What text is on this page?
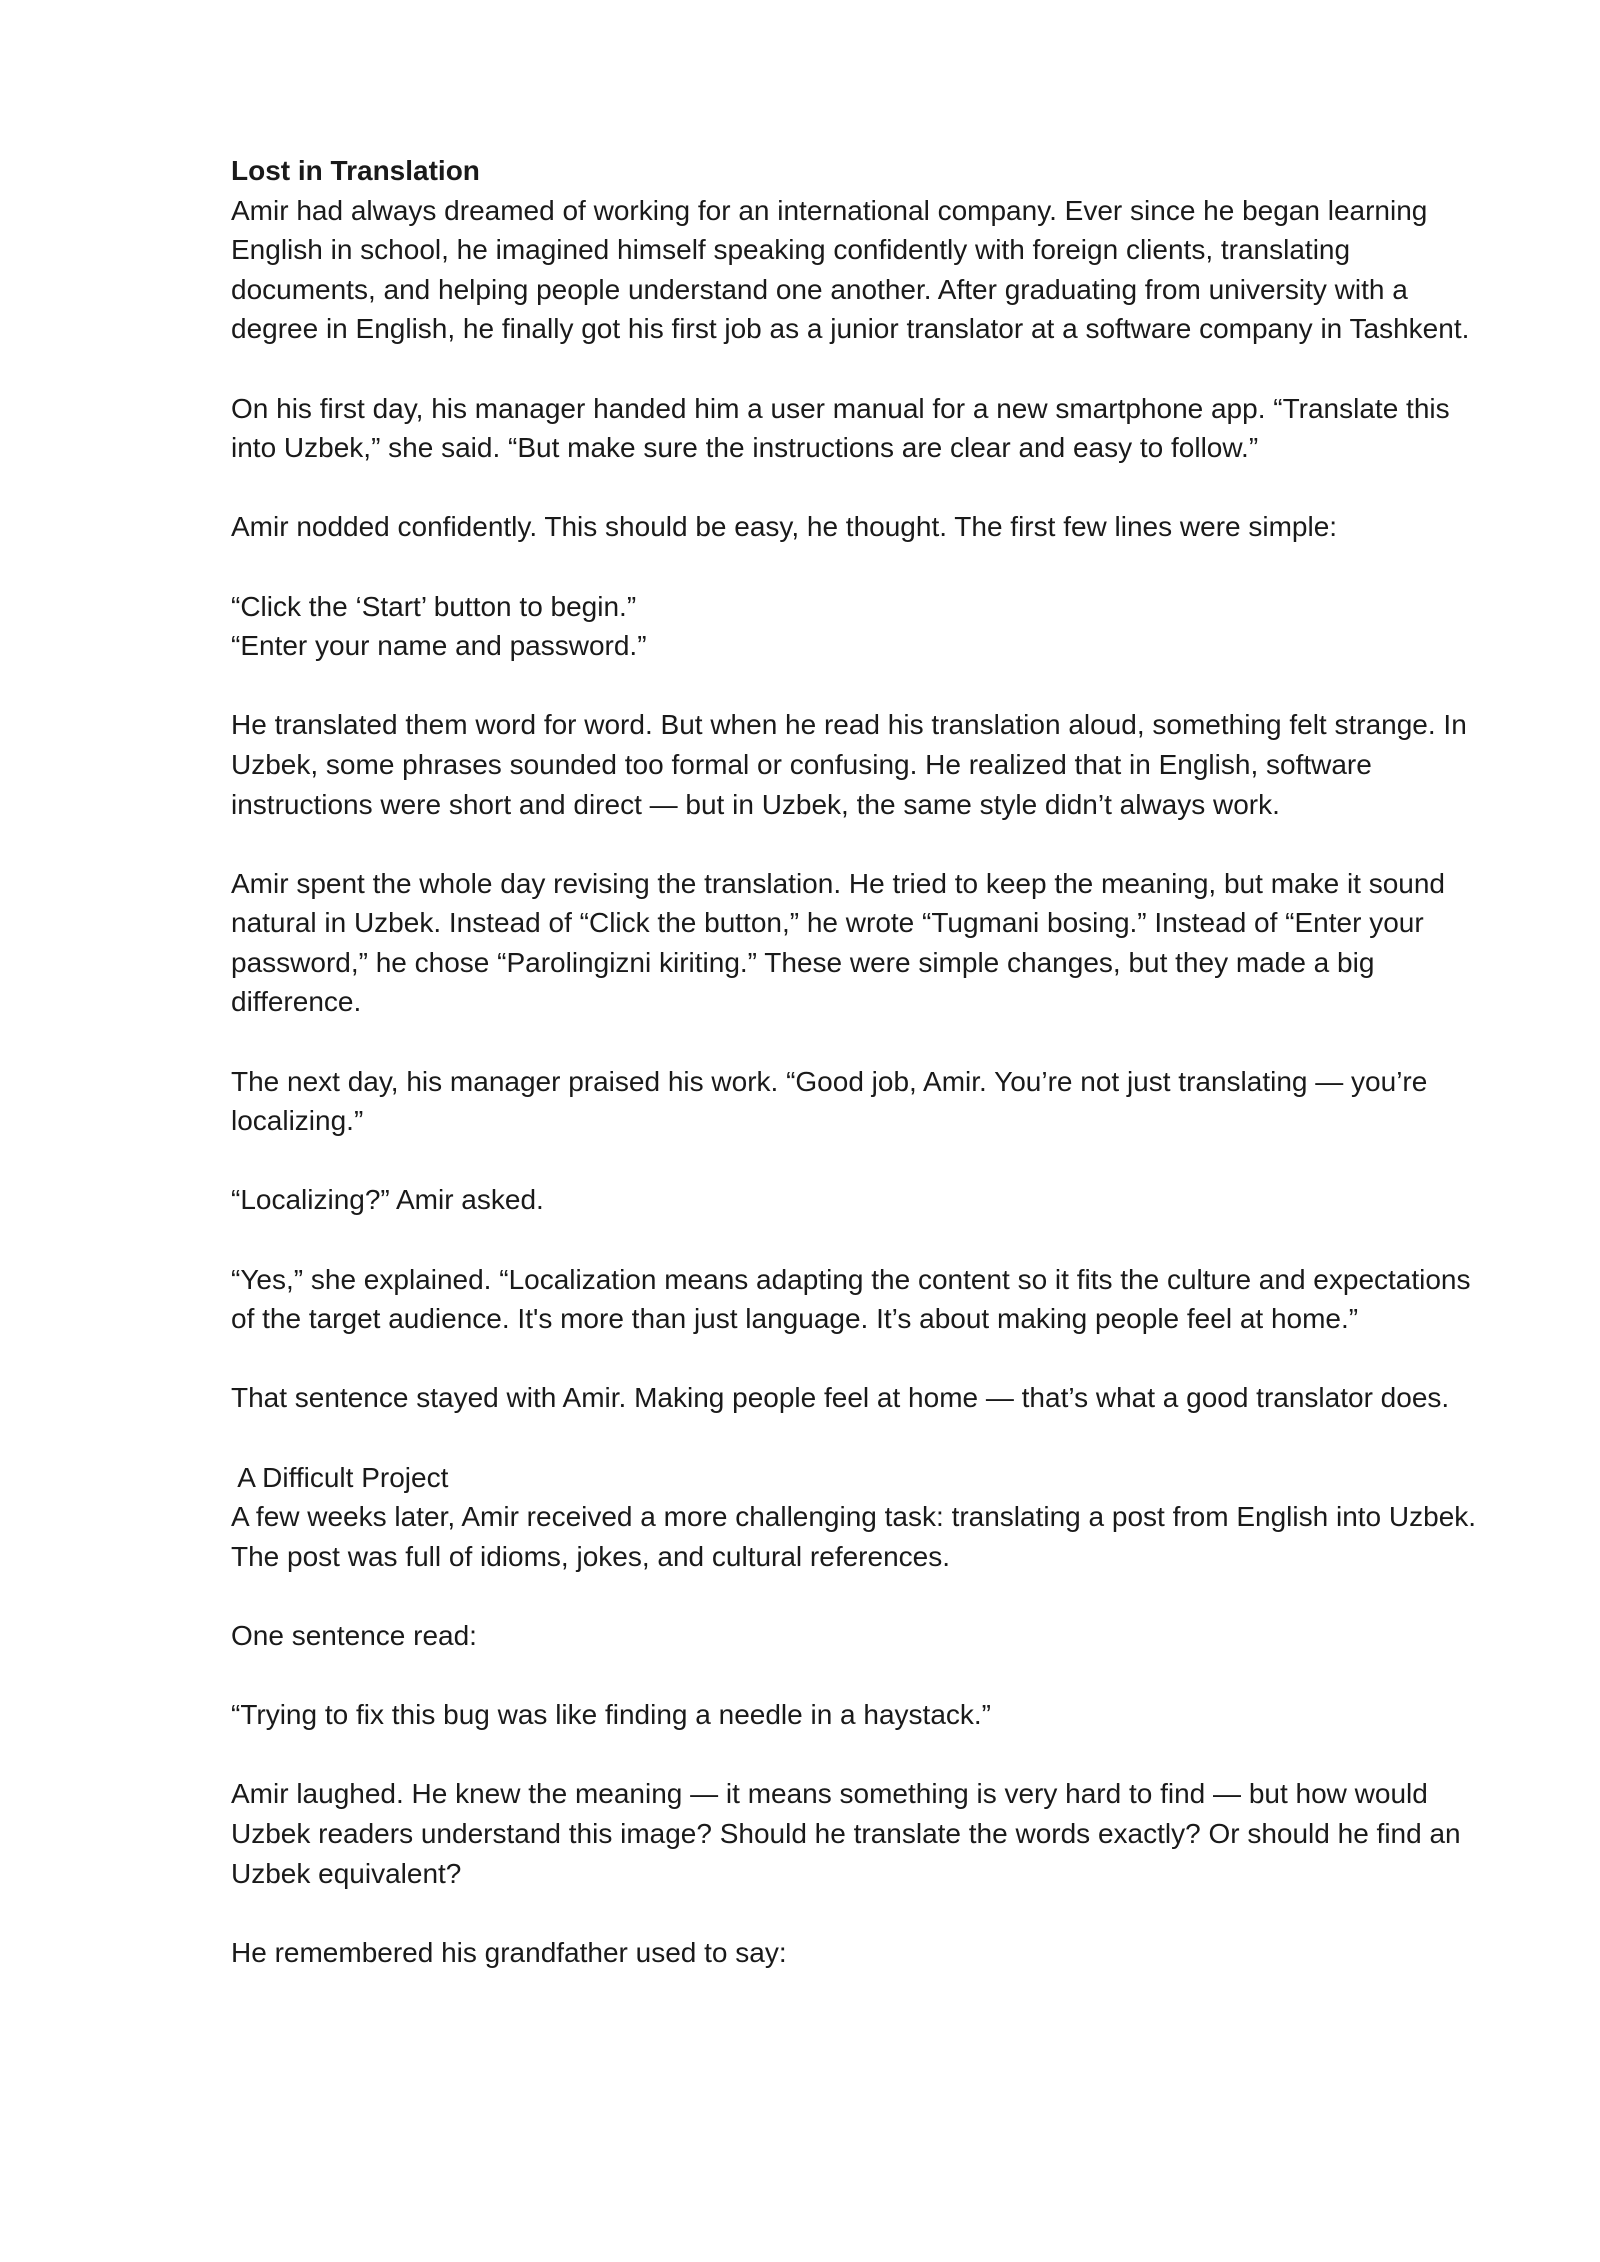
Lost in Translation

Amir had always dreamed of working for an international company. Ever since he began learning English in school, he imagined himself speaking confidently with foreign clients, translating documents, and helping people understand one another. After graduating from university with a degree in English, he finally got his first job as a junior translator at a software company in Tashkent.

On his first day, his manager handed him a user manual for a new smartphone app. “Translate this into Uzbek,” she said. “But make sure the instructions are clear and easy to follow.”

Amir nodded confidently. This should be easy, he thought. The first few lines were simple:

“Click the ‘Start’ button to begin.”

“Enter your name and password.”

He translated them word for word. But when he read his translation aloud, something felt strange. In Uzbek, some phrases sounded too formal or confusing. He realized that in English, software instructions were short and direct — but in Uzbek, the same style didn’t always work.

Amir spent the whole day revising the translation. He tried to keep the meaning, but make it sound natural in Uzbek. Instead of “Click the button,” he wrote “Tugmani bosing.” Instead of “Enter your password,” he chose “Parolingizni kiriting.” These were simple changes, but they made a big difference.

The next day, his manager praised his work. “Good job, Amir. You’re not just translating — you’re localizing.”

“Localizing?” Amir asked.

“Yes,” she explained. “Localization means adapting the content so it fits the culture and expectations of the target audience. It's more than just language. It’s about making people feel at home.”

That sentence stayed with Amir. Making people feel at home — that’s what a good translator does.

A Difficult Project

A few weeks later, Amir received a more challenging task: translating a post from English into Uzbek. The post was full of idioms, jokes, and cultural references.

One sentence read:

“Trying to fix this bug was like finding a needle in a haystack.”

Amir laughed. He knew the meaning — it means something is very hard to find — but how would Uzbek readers understand this image? Should he translate the words exactly? Or should he find an Uzbek equivalent?

He remembered his grandfather used to say:
